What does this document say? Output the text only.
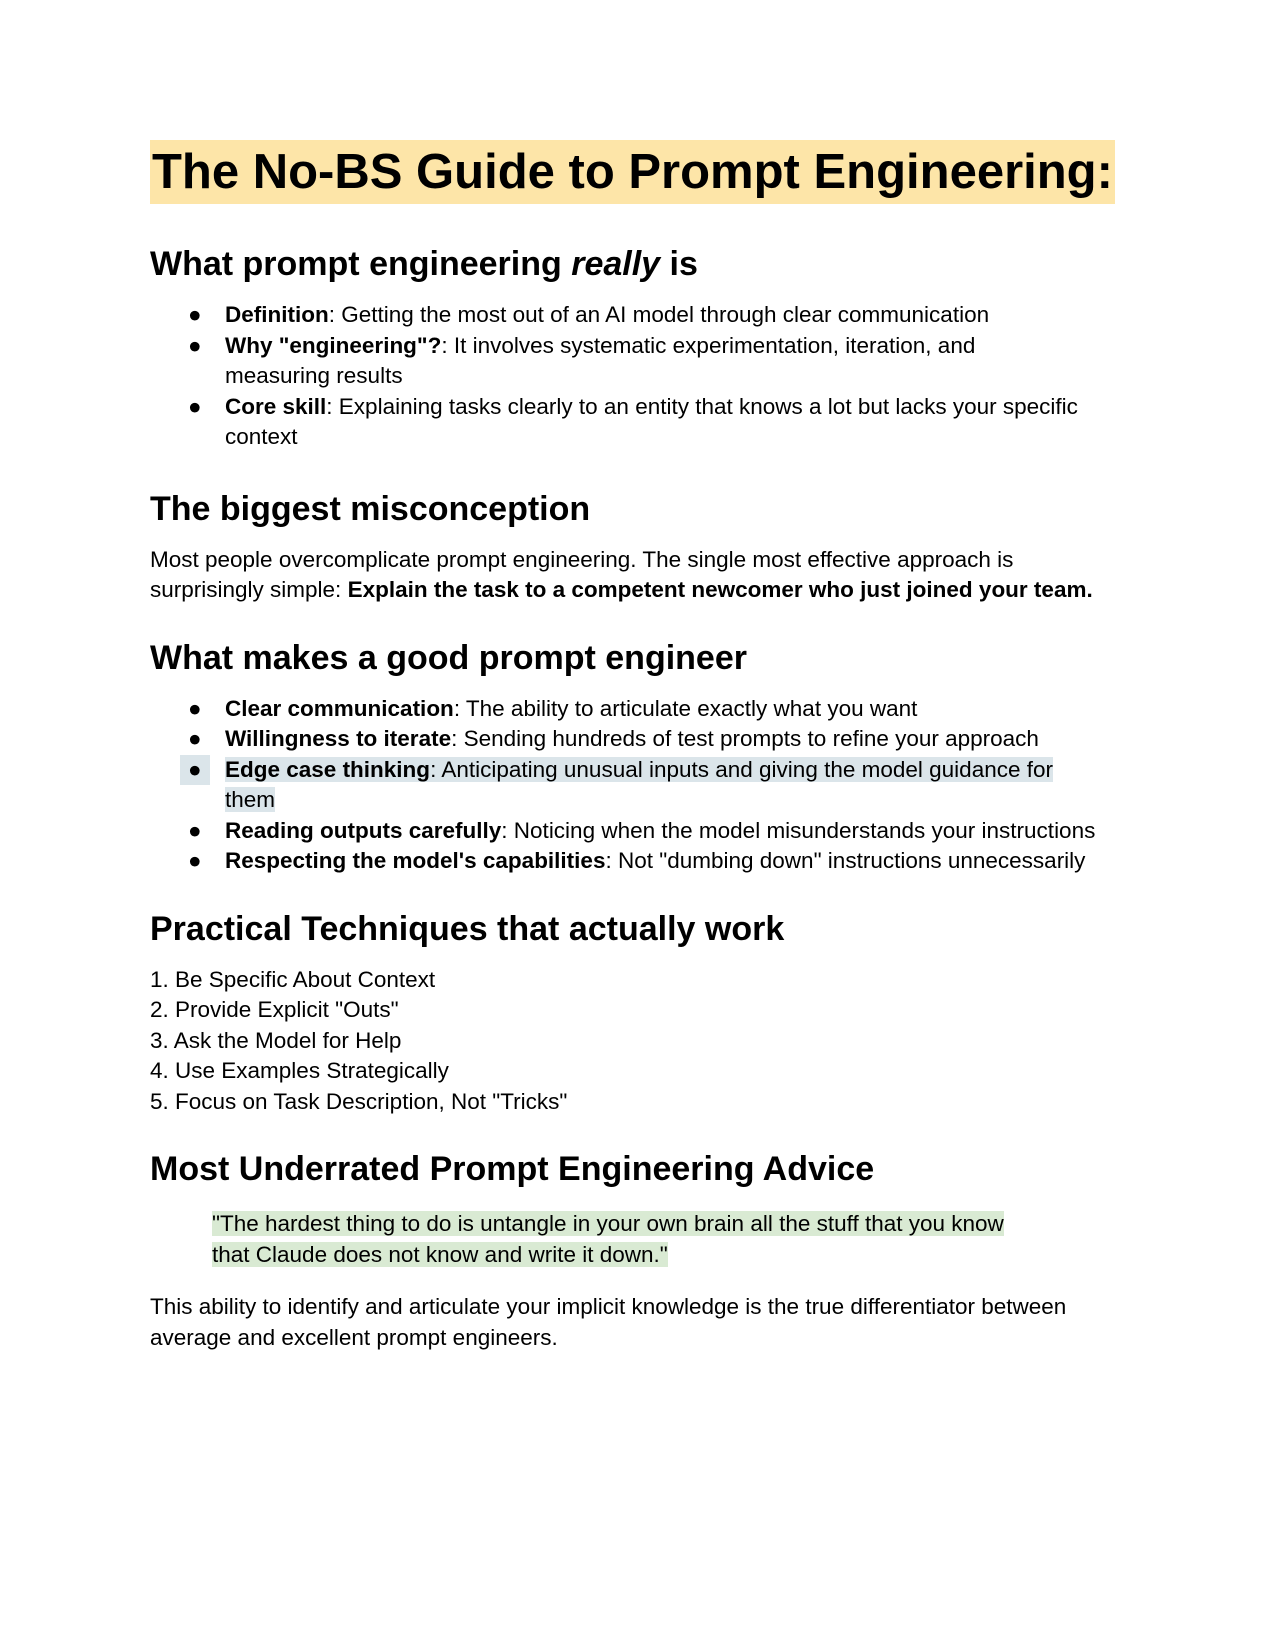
The No-BS Guide to Prompt Engineering:
What prompt engineering really is
● Definition: Getting the most out of an AI model through clear communication
● Why "engineering"?: It involves systematic experimentation, iteration, and measuring results
● Core skill: Explaining tasks clearly to an entity that knows a lot but lacks your specific context
The biggest misconception

Most people overcomplicate prompt engineering. The single most effective approach is surprisingly simple: Explain the task to a competent newcomer who just joined your team.

What makes a good prompt engineer
● Clear communication: The ability to articulate exactly what you want
● Willingness to iterate: Sending hundreds of test prompts to refine your approach
●	Edge case thinking: Anticipating unusual inputs and giving the model guidance for them
● Reading outputs carefully: Noticing when the model misunderstands your instructions
● Respecting the model's capabilities: Not "dumbing down" instructions unnecessarily
Practical Techniques that actually work
1. Be Specific About Context
2. Provide Explicit "Outs"
3. Ask the Model for Help
4. Use Examples Strategically
5. Focus on Task Description, Not "Tricks"
Most Underrated Prompt Engineering Advice
"The hardest thing to do is untangle in your own brain all the stuff that you know
that Claude does not know and write it down."

This ability to identify and articulate your implicit knowledge is the true differentiator between average and excellent prompt engineers.
